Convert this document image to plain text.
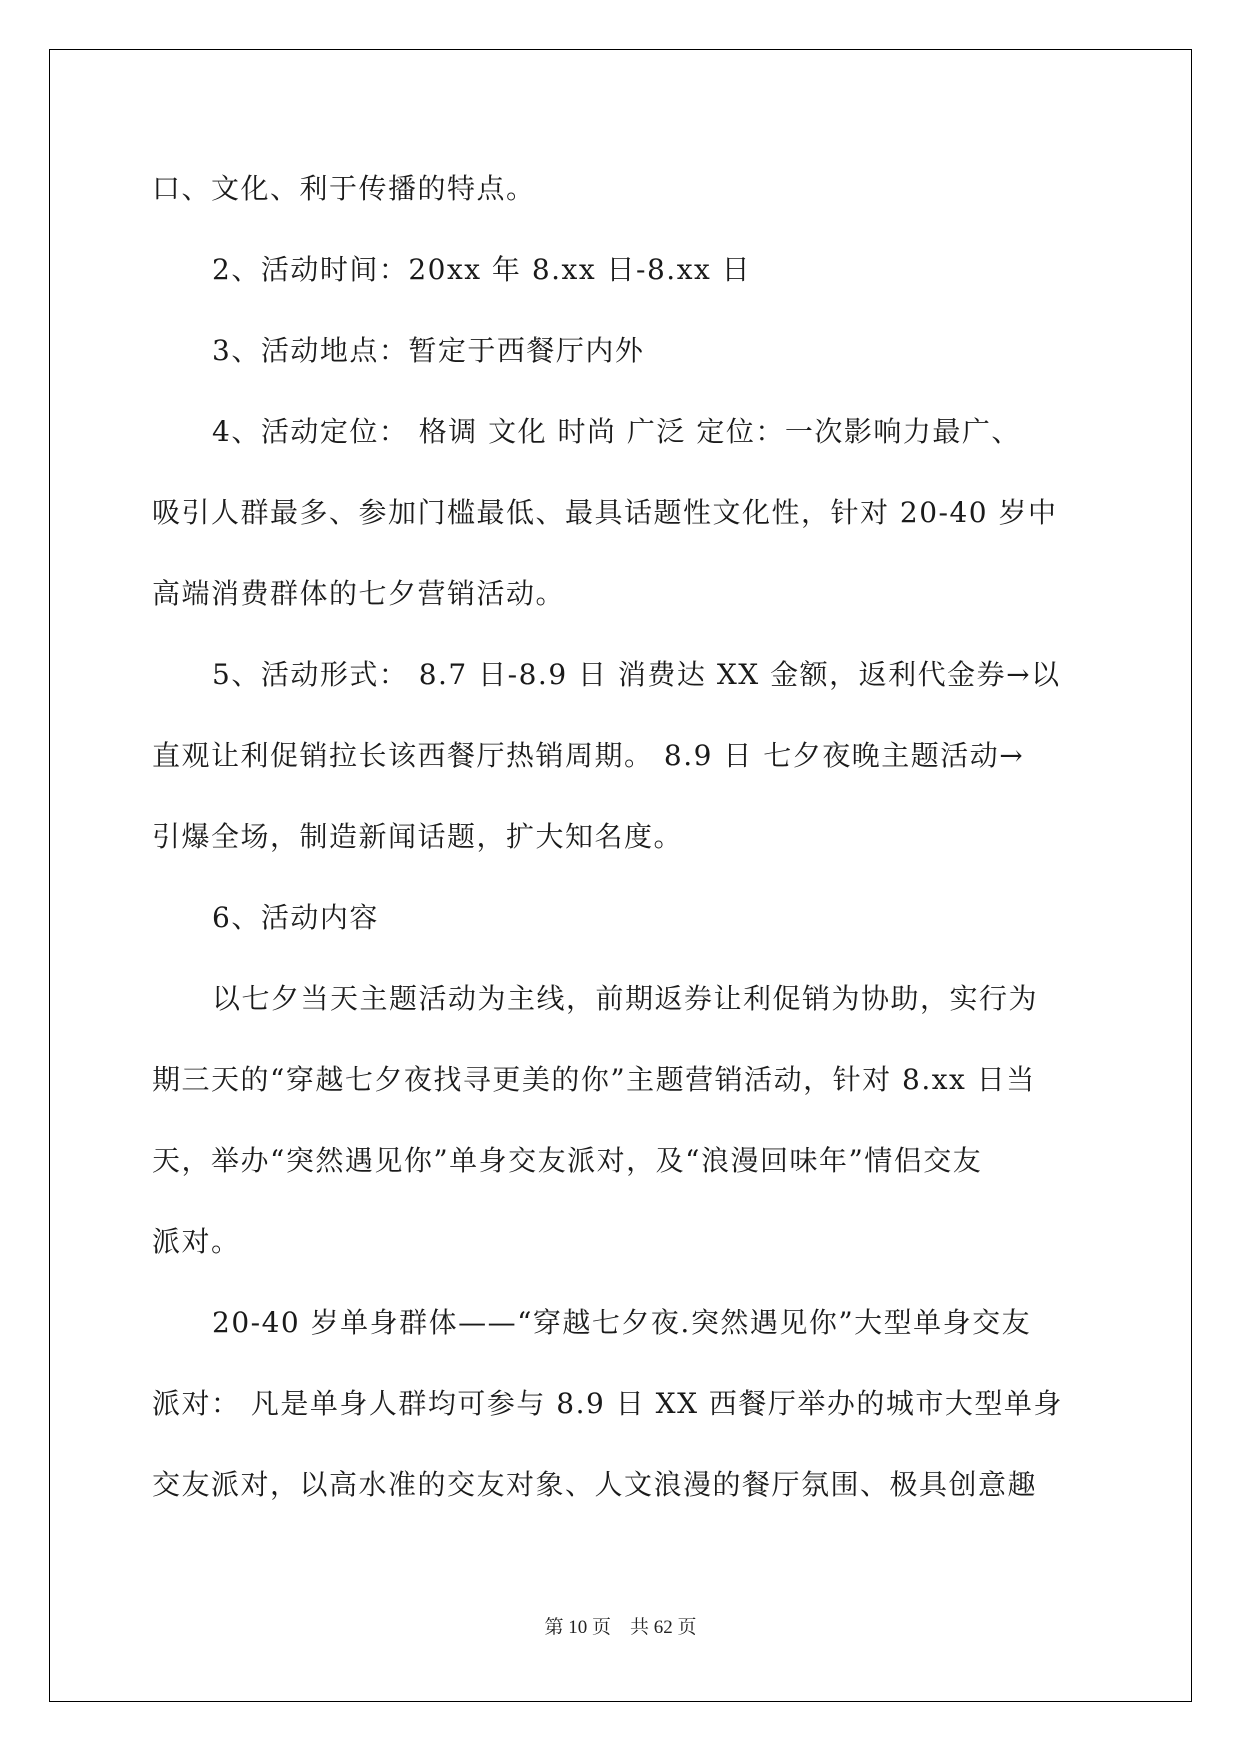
口、文化、利于传播的特点。
2、活动时间：20xx 年 8.xx 日-8.xx 日
3、活动地点：暂定于西餐厅内外
4、活动定位： 格调 文化 时尚 广泛 定位：一次影响力最广、
吸引人群最多、参加门槛最低、最具话题性文化性，针对 20-40 岁中
高端消费群体的七夕营销活动。
5、活动形式： 8.7 日-8.9 日 消费达 XX 金额，返利代金券→以
直观让利促销拉长该西餐厅热销周期。 8.9 日 七夕夜晚主题活动→
引爆全场，制造新闻话题，扩大知名度。
6、活动内容
以七夕当天主题活动为主线，前期返券让利促销为协助，实行为
期三天的“穿越七夕夜找寻更美的你”主题营销活动，针对 8.xx 日当
天，举办“突然遇见你”单身交友派对，及“浪漫回味年”情侣交友
派对。
20-40 岁单身群体——“穿越七夕夜.突然遇见你”大型单身交友
派对： 凡是单身人群均可参与 8.9 日 XX 西餐厅举办的城市大型单身
交友派对，以高水准的交友对象、人文浪漫的餐厅氛围、极具创意趣
第 10 页　共 62 页
